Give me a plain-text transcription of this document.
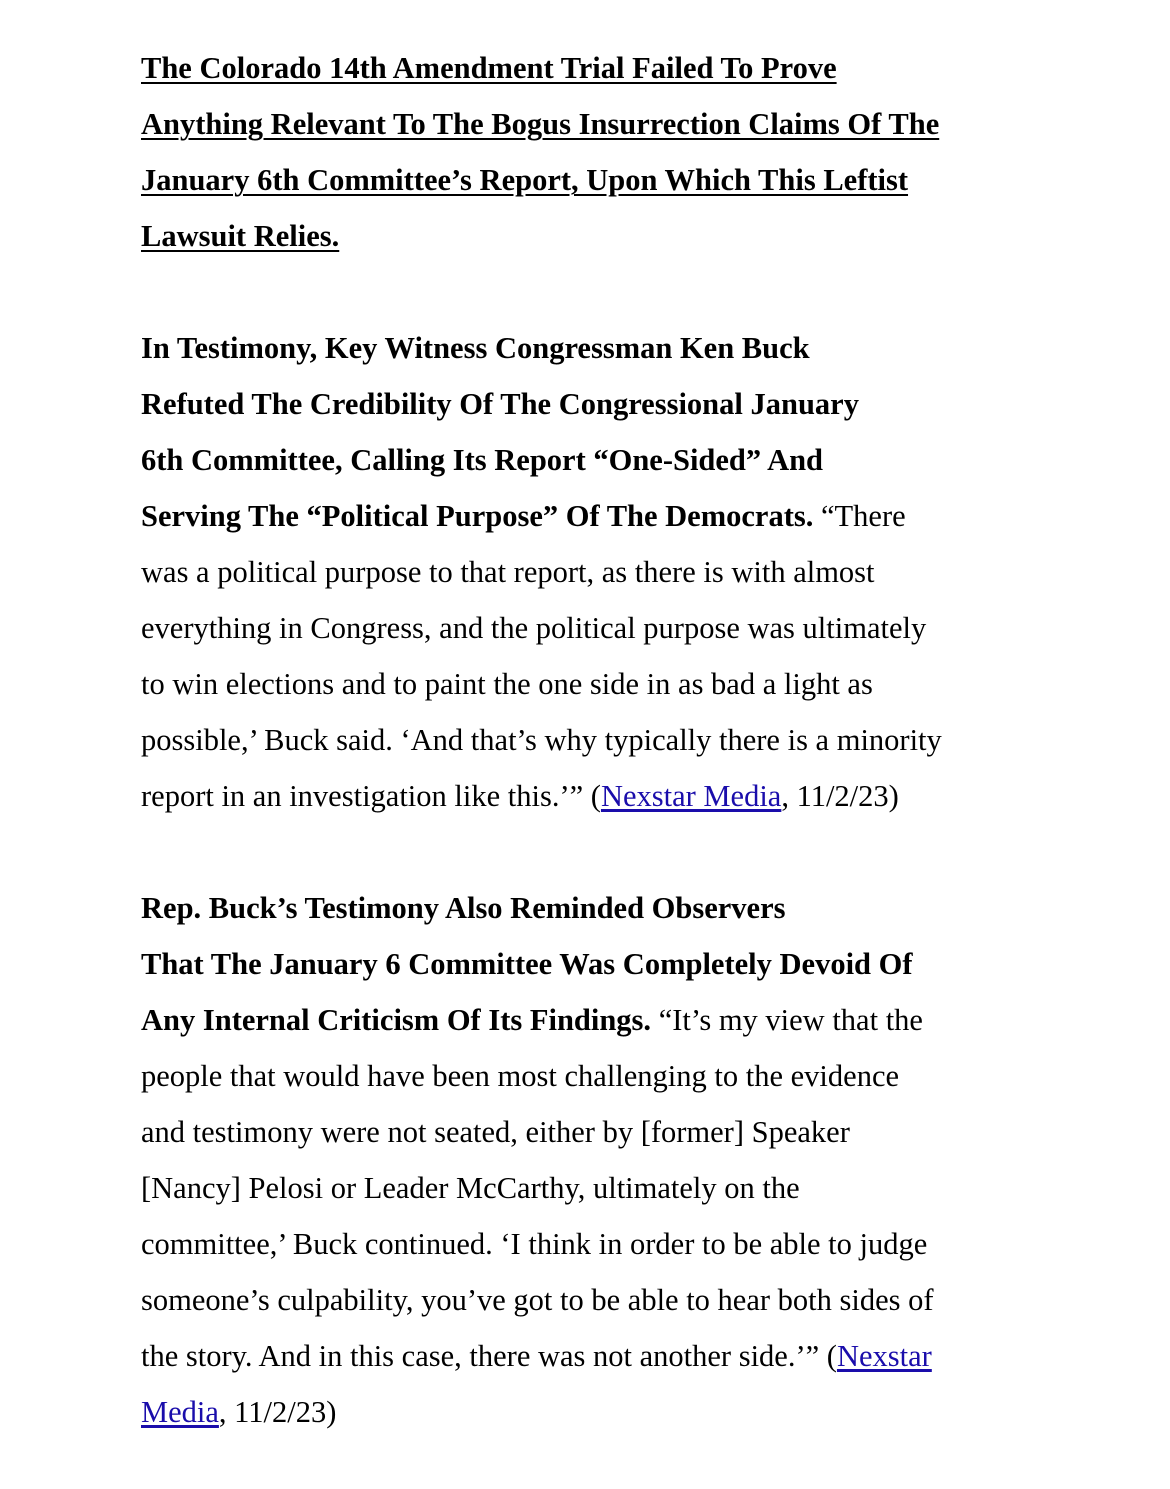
The Colorado 14th Amendment Trial Failed To Prove
Anything Relevant To The Bogus Insurrection Claims Of The
January 6th Committee’s Report, Upon Which This Leftist
Lawsuit Relies.
In Testimony, Key Witness Congressman Ken Buck
Refuted The Credibility Of The Congressional January
6th Committee, Calling Its Report “One-Sided” And
Serving The “Political Purpose” Of The Democrats. “There
was a political purpose to that report, as there is with almost
everything in Congress, and the political purpose was ultimately
to win elections and to paint the one side in as bad a light as
possible,’ Buck said. ‘And that’s why typically there is a minority
report in an investigation like this.’” (Nexstar Media, 11/2/23)
Rep. Buck’s Testimony Also Reminded Observers
That The January 6 Committee Was Completely Devoid Of
Any Internal Criticism Of Its Findings. “It’s my view that the
people that would have been most challenging to the evidence
and testimony were not seated, either by [former] Speaker
[Nancy] Pelosi or Leader McCarthy, ultimately on the
committee,’ Buck continued. ‘I think in order to be able to judge
someone’s culpability, you’ve got to be able to hear both sides of
the story. And in this case, there was not another side.’” (Nexstar
Media, 11/2/23)
